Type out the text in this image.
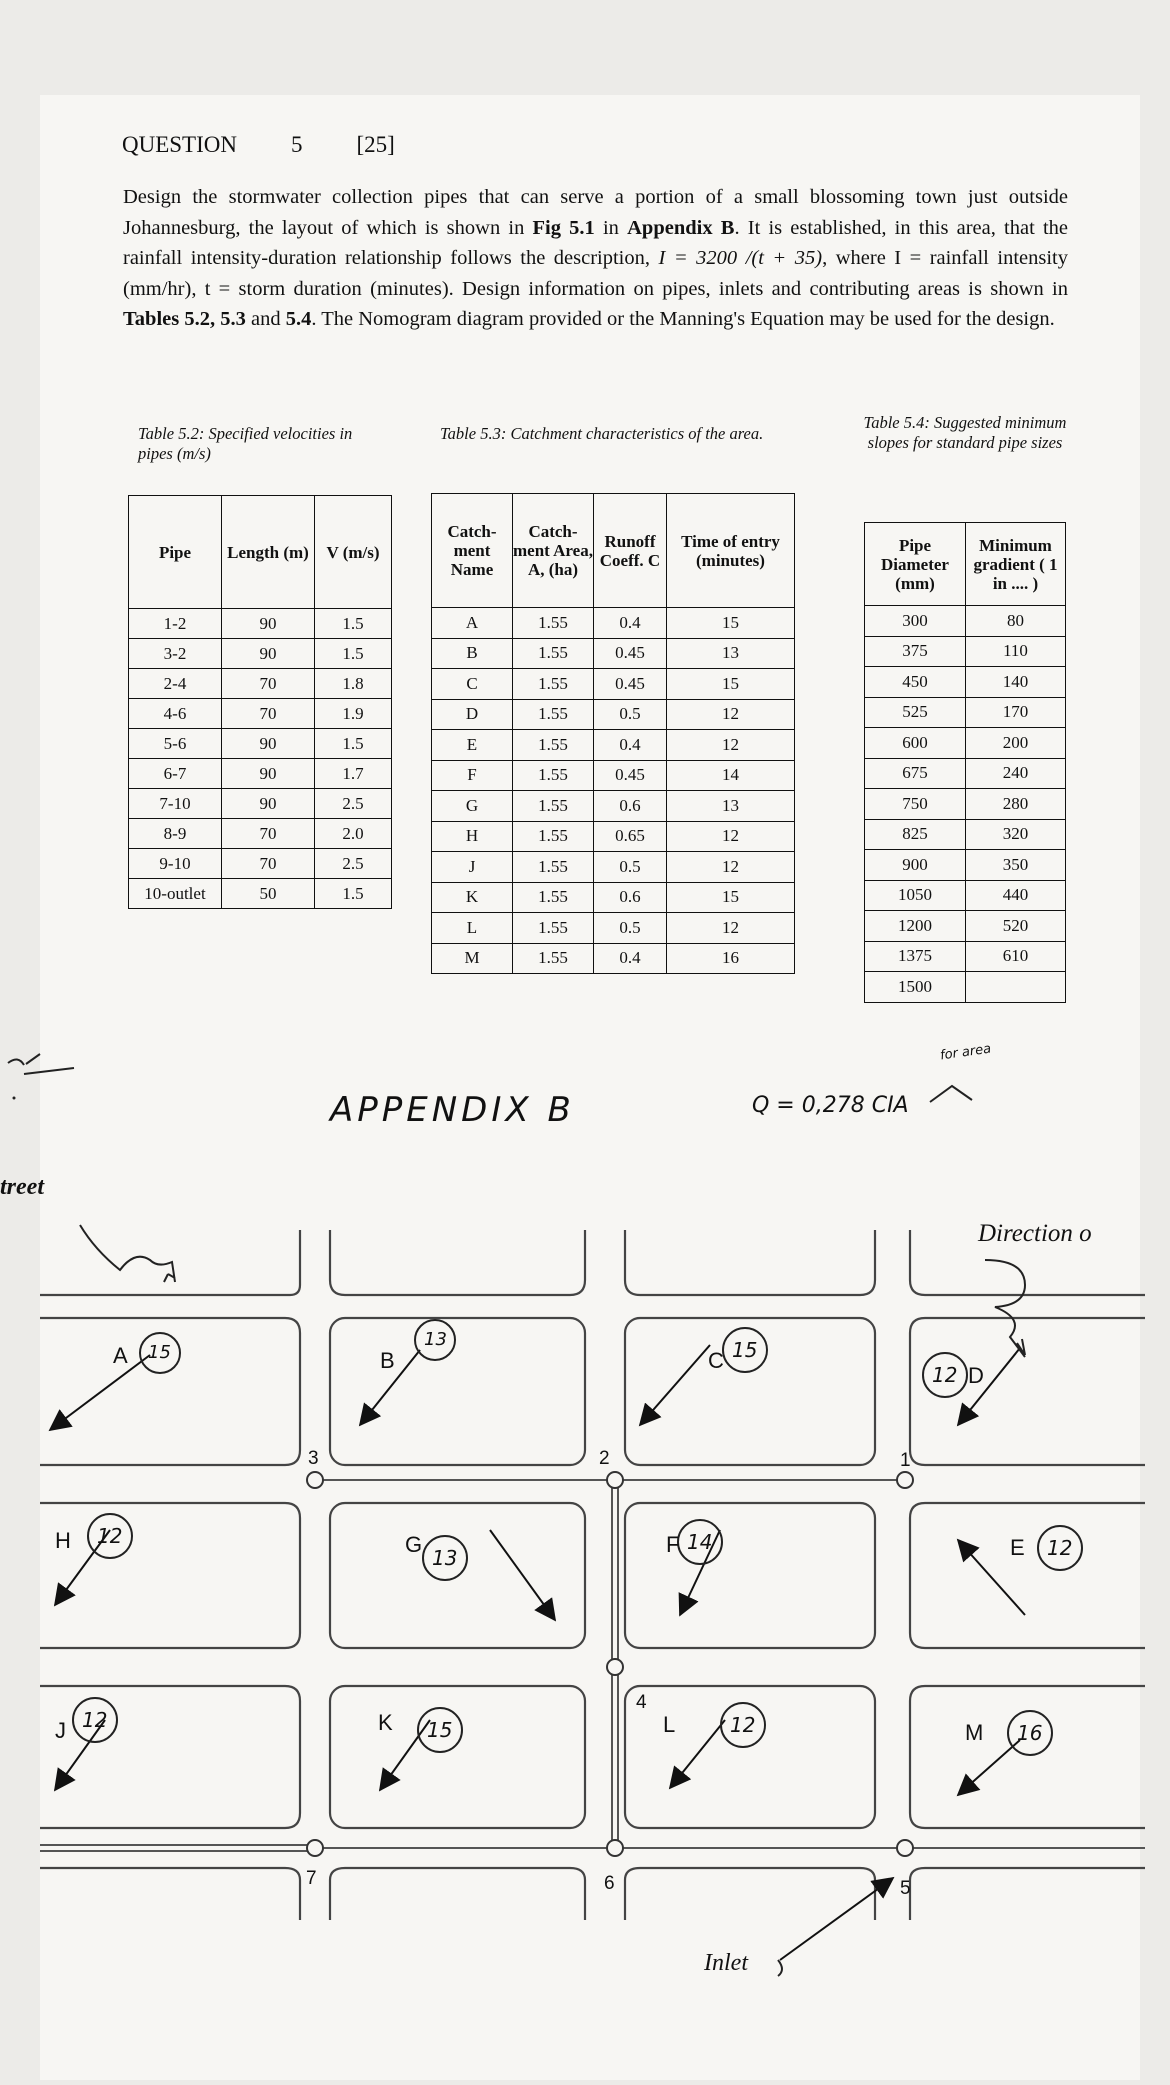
QUESTION 5 [25]
Design the stormwater collection pipes that can serve a portion of a small blossoming town just outside Johannesburg, the layout of which is shown in Fig 5.1 in Appendix B. It is established, in this area, that the rainfall intensity-duration relationship follows the description, I = 3200 /(t + 35), where I = rainfall intensity (mm/hr), t = storm duration (minutes). Design information on pipes, inlets and contributing areas is shown in Tables 5.2, 5.3 and 5.4. The Nomogram diagram provided or the Manning's Equation may be used for the design.
Table 5.2: Specified velocities in pipes (m/s)
Table 5.3: Catchment characteristics of the area.
Table 5.4: Suggested minimum slopes for standard pipe sizes
Pipe	Length (m)	V (m/s)
1-2	90	1.5
3-2	90	1.5
2-4	70	1.8
4-6	70	1.9
5-6	90	1.5
6-7	90	1.7
7-10	90	2.5
8-9	70	2.0
9-10	70	2.5
10-outlet	50	1.5
Catch-ment Name	Catch-ment Area, A, (ha)	Runoff Coeff. C	Time of entry (minutes)
A	1.55	0.4	15
B	1.55	0.45	13
C	1.55	0.45	15
D	1.55	0.5	12
E	1.55	0.4	12
F	1.55	0.45	14
G	1.55	0.6	13
H	1.55	0.65	12
J	1.55	0.5	12
K	1.55	0.6	15
L	1.55	0.5	12
M	1.55	0.4	16
Pipe Diameter (mm)	Minimum gradient ( 1 in .... )
300	80
375	110
450	140
525	170
600	200
675	240
750	280
825	320
900	350
1050	440
1200	520
1375	610
1500	
APPENDIX B	Q = 0,278 CIA
for area
A	B	C
D
H	G	F	E
J	K	L	M
15
13	15
12
12
13
14	12
12	15	12	16
3	2	1
4
7	6	5
treet
Direction o
Inlet
